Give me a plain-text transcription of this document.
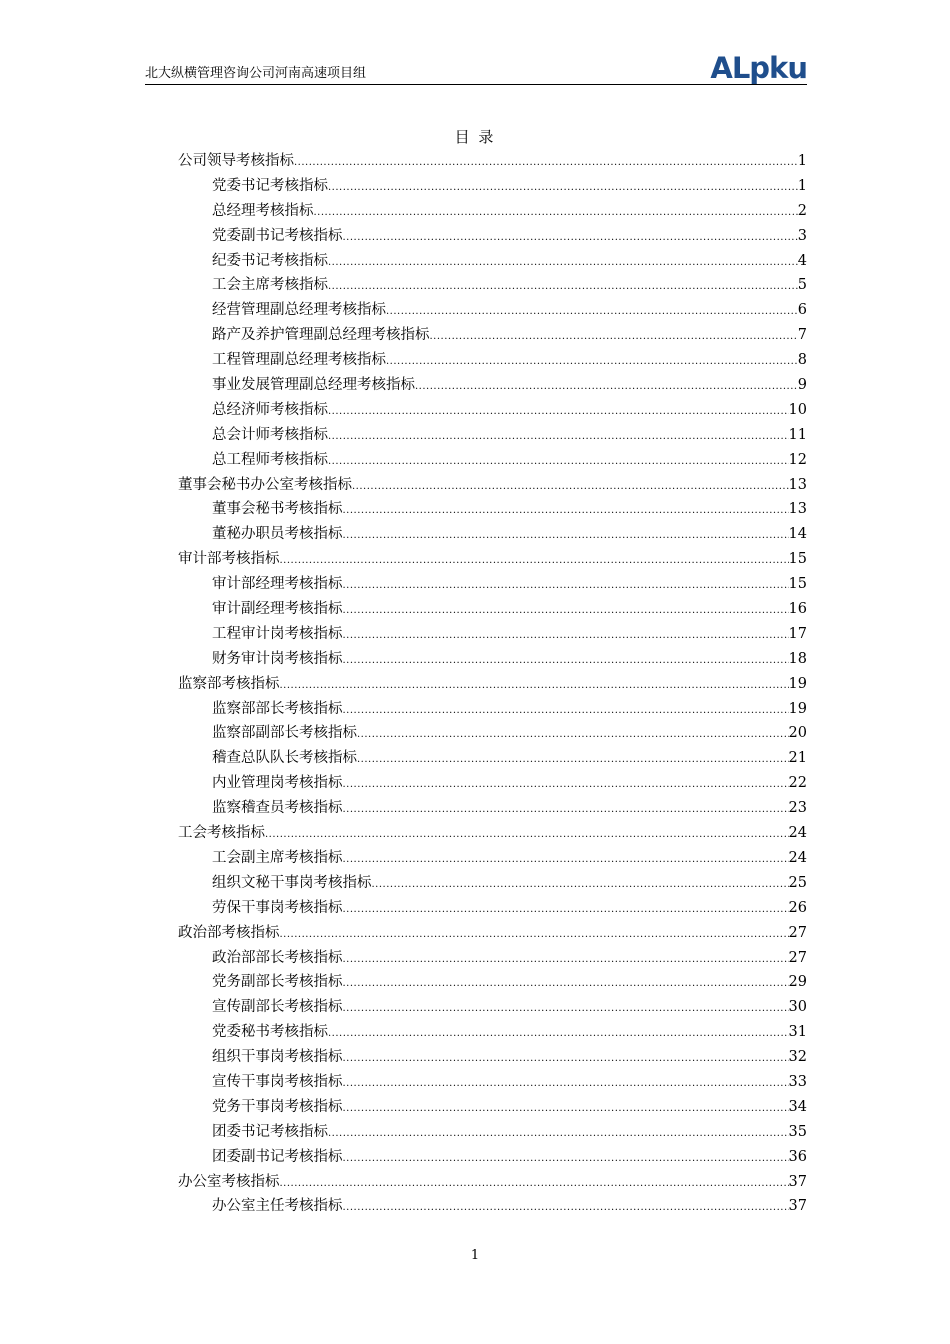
北大纵横管理咨询公司河南高速项目组	ALpku
目 录
公司领导考核指标 .....	1
党委书记考核指标 .....	1
总经理考核指标 .....	2
党委副书记考核指标 .....	3
纪委书记考核指标 .....	4
工会主席考核指标 .....	5
经营管理副总经理考核指标 .....	6
路产及养护管理副总经理考核指标 .....	7
工程管理副总经理考核指标 .....	8
事业发展管理副总经理考核指标 .....	9
总经济师考核指标 .....	10
总会计师考核指标 .....	11
总工程师考核指标 .....	12
董事会秘书办公室考核指标 .....	13
董事会秘书考核指标 .....	13
董秘办职员考核指标 .....	14
审计部考核指标 .....	15
审计部经理考核指标 .....	15
审计副经理考核指标 .....	16
工程审计岗考核指标 .....	17
财务审计岗考核指标 .....	18
监察部考核指标 .....	19
监察部部长考核指标 .....	19
监察部副部长考核指标 .....	20
稽查总队队长考核指标 .....	21
内业管理岗考核指标 .....	22
监察稽查员考核指标 .....	23
工会考核指标 .....	24
工会副主席考核指标 .....	24
组织文秘干事岗考核指标 .....	25
劳保干事岗考核指标 .....	26
政治部考核指标 .....	27
政治部部长考核指标 .....	27
党务副部长考核指标 .....	29
宣传副部长考核指标 .....	30
党委秘书考核指标 .....	31
组织干事岗考核指标 .....	32
宣传干事岗考核指标 .....	33
党务干事岗考核指标 .....	34
团委书记考核指标 .....	35
团委副书记考核指标 .....	36
办公室考核指标 .....	37
办公室主任考核指标 .....	37
1
